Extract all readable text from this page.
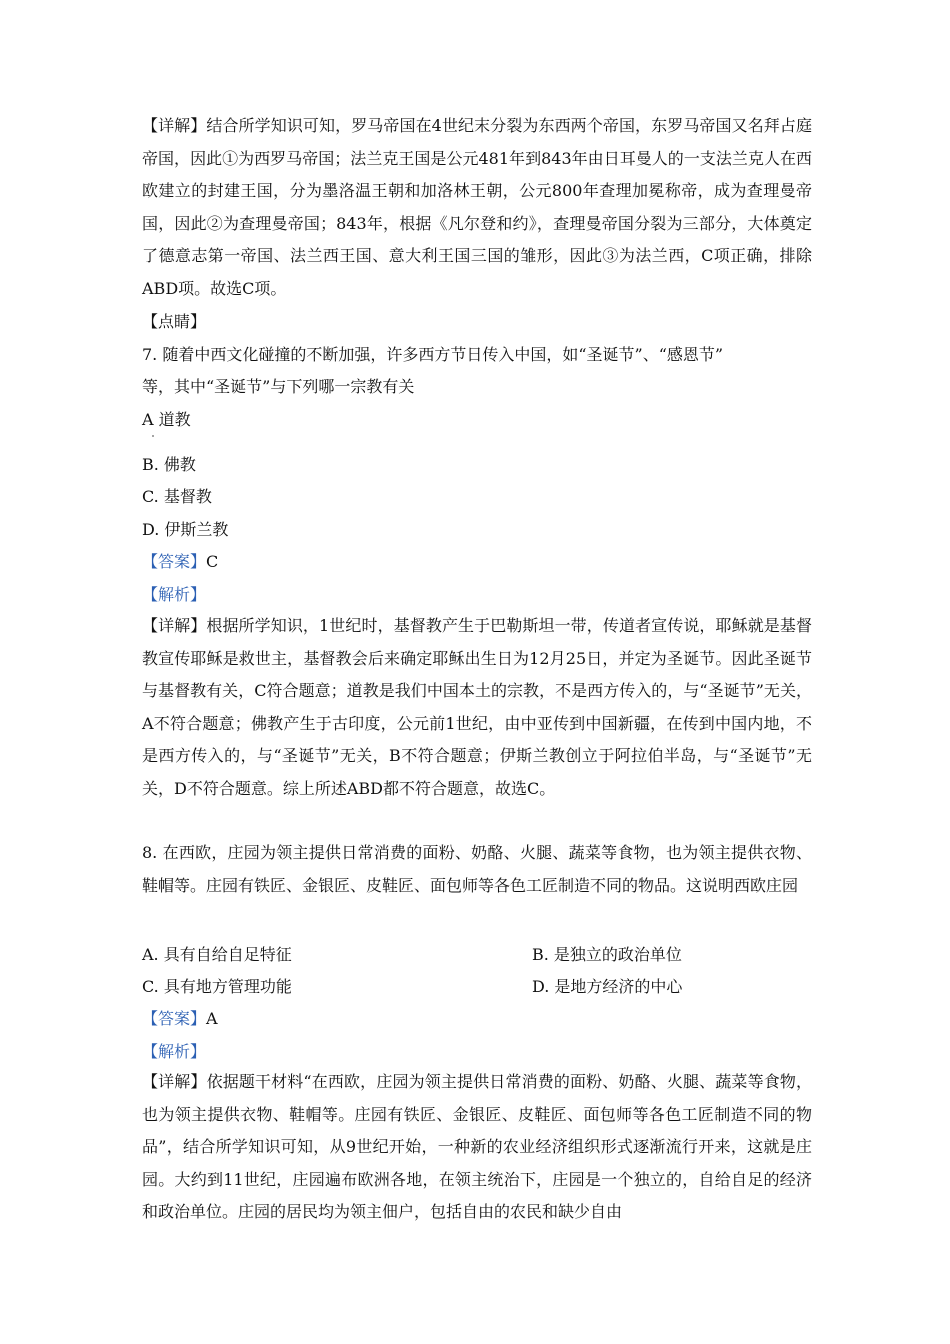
【详解】结合所学知识可知，罗马帝国在4世纪末分裂为东西两个帝国，东罗马帝国又名拜占庭帝国，因此①为西罗马帝国；法兰克王国是公元481年到843年由日耳曼人的一支法兰克人在西欧建立的封建王国，分为墨洛温王朝和加洛林王朝，公元800年查理加冕称帝，成为查理曼帝国，因此②为查理曼帝国；843年，根据《凡尔登和约》，查理曼帝国分裂为三部分，大体奠定了德意志第一帝国、法兰西王国、意大利王国三国的雏形，因此③为法兰西，C项正确，排除ABD项。故选C项。
【点睛】
7. 随着中西文化碰撞的不断加强，许多西方节日传入中国，如“圣诞节”、“感恩节”
等，其中“圣诞节”与下列哪一宗教有关
A 道教
B. 佛教
C. 基督教
D. 伊斯兰教
【答案】C
【解析】
【详解】根据所学知识，1世纪时，基督教产生于巴勒斯坦一带，传道者宣传说，耶稣就是基督教宣传耶稣是救世主，基督教会后来确定耶稣出生日为12月25日，并定为圣诞节。因此圣诞节与基督教有关，C符合题意；道教是我们中国本土的宗教，不是西方传入的，与“圣诞节”无关，A不符合题意；佛教产生于古印度，公元前1世纪，由中亚传到中国新疆，在传到中国内地，不是西方传入的，与“圣诞节”无关，B不符合题意；伊斯兰教创立于阿拉伯半岛，与“圣诞节”无关，D不符合题意。综上所述ABD都不符合题意，故选C。
8. 在西欧，庄园为领主提供日常消费的面粉、奶酪、火腿、蔬菜等食物，也为领主提供衣物、鞋帽等。庄园有铁匠、金银匠、皮鞋匠、面包师等各色工匠制造不同的物品。这说明西欧庄园
A. 具有自给自足特征	B. 是独立的政治单位
C. 具有地方管理功能	D. 是地方经济的中心
【答案】A
【解析】
【详解】依据题干材料“在西欧，庄园为领主提供日常消费的面粉、奶酪、火腿、蔬菜等食物，也为领主提供衣物、鞋帽等。庄园有铁匠、金银匠、皮鞋匠、面包师等各色工匠制造不同的物品”，结合所学知识可知，从9世纪开始，一种新的农业经济组织形式逐渐流行开来，这就是庄园。大约到11世纪，庄园遍布欧洲各地，在领主统治下，庄园是一个独立的，自给自足的经济和政治单位。庄园的居民均为领主佃户，包括自由的农民和缺少自由
